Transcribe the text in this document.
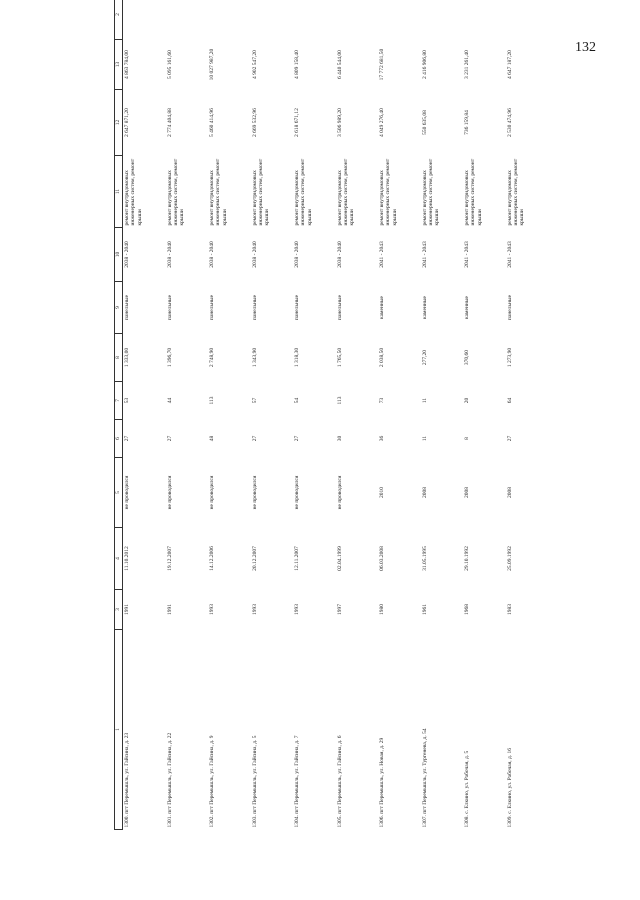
132
1	3	4	5	6	7	8	9	10	11	12	13	2
1300. пгт Перемышль, ул. Гайсина, д. 23	1991	11.10.2012	не проводился	27	53	1 333,00	панельные	2038 - 2040	ремонт внутридомовых инженерных систем, ремонт крыши	2 647 871,20	4 863 784,00	
1301. пгт Перемышль, ул. Гайсина, д. 22	1991	19.12.2007	не проводился	27	44	1 396,70	панельные	2038 - 2040	ремонт внутридомовых инженерных систем, ремонт крыши	2 774 404,88	5 095 161,60	
1302. пгт Перемышль, ул. Гайсина, д. 9	1993	14.12.2006	не проводился	48	113	2 748,90	панельные	2038 - 2040	ремонт внутридомовых инженерных систем, ремонт крыши	5 460 414,96	10 027 987,20	
1303. пгт Перемышль, ул. Гайсина, д. 5	1993	20.12.2007	не проводился	27	57	1 343,90	панельные	2038 - 2040	ремонт внутридомовых инженерных систем, ремонт крыши	2 669 532,96	4 902 547,20	
1304. пгт Перемышль, ул. Гайсина, д. 7	1993	12.11.2007	не проводился	27	54	1 318,30	панельные	2038 - 2040	ремонт внутридомовых инженерных систем, ремонт крыши	2 618 671,12	4 809 158,40	
1305. пгт Перемышль, ул. Гайсина, д. 6	1997	02.04.1999	не проводился	30	113	1 765,50	панельные	2038 - 2040	ремонт внутридомовых инженерных систем, ремонт крыши	3 506 989,20	6 440 544,00	
1306. пгт Перемышль, ул. Новая, д. 29	1980	06.03.2008	2010	36	73	2 038,50	каменные	2041 - 2043	ремонт внутридомовых инженерных систем, ремонт крыши	4 049 276,40	17 772 681,50	
1307. пгт Перемышль, ул. Тургенева, д. 54	1961	31.05.1995	2008	11	11	277,20	каменные	2041 - 2043	ремонт внутридомовых инженерных систем, ремонт крыши	550 635,08	2 416 906,80	
1308. с. Елкино, ул. Рабочая, д. 5	1968	29.10.1992	2008	8	20	370,60	каменные	2041 - 2043	ремонт внутридомовых инженерных систем, ремонт крыши	736 159,84	3 231 261,40	
1309. с. Елкино, ул. Рабочая, д. 16	1983	25.09.1992	2008	27	64	1 273,90	панельные	2041 - 2043	ремонт внутридомовых инженерных систем, ремонт крыши	2 530 474,96	4 647 187,20	
